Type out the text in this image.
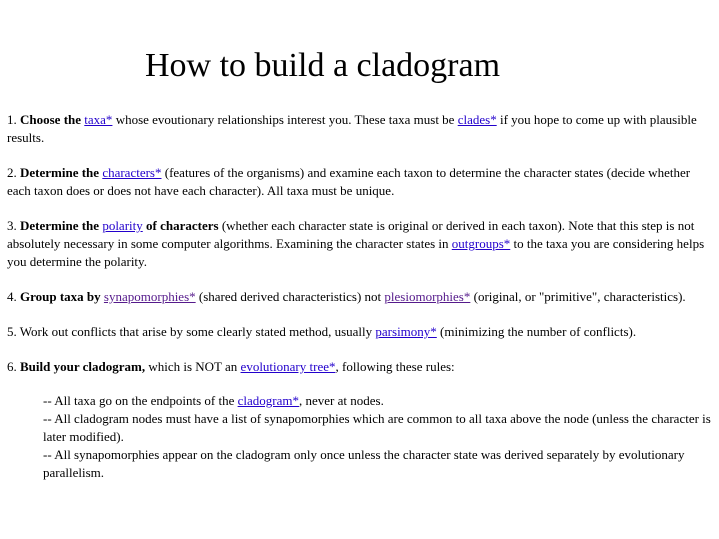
How to build a cladogram

1. Choose the taxa* whose evoutionary relationships interest you. These taxa must be clades* if you hope to come up with plausible results.

2. Determine the characters* (features of the organisms) and examine each taxon to determine the character states (decide whether each taxon does or does not have each character). All taxa must be unique.

3. Determine the polarity of characters (whether each character state is original or derived in each taxon). Note that this step is not absolutely necessary in some computer algorithms. Examining the character states in outgroups* to the taxa you are considering helps you determine the polarity.

4. Group taxa by synapomorphies* (shared derived characteristics) not plesiomorphies* (original, or "primitive", characteristics).

5. Work out conflicts that arise by some clearly stated method, usually parsimony* (minimizing the number of conflicts).

6. Build your cladogram, which is NOT an evolutionary tree*, following these rules:

-- All taxa go on the endpoints of the cladogram*, never at nodes.

-- All cladogram nodes must have a list of synapomorphies which are common to all taxa above the node (unless the character is later modified).

-- All synapomorphies appear on the cladogram only once unless the character state was derived separately by evolutionary parallelism.
